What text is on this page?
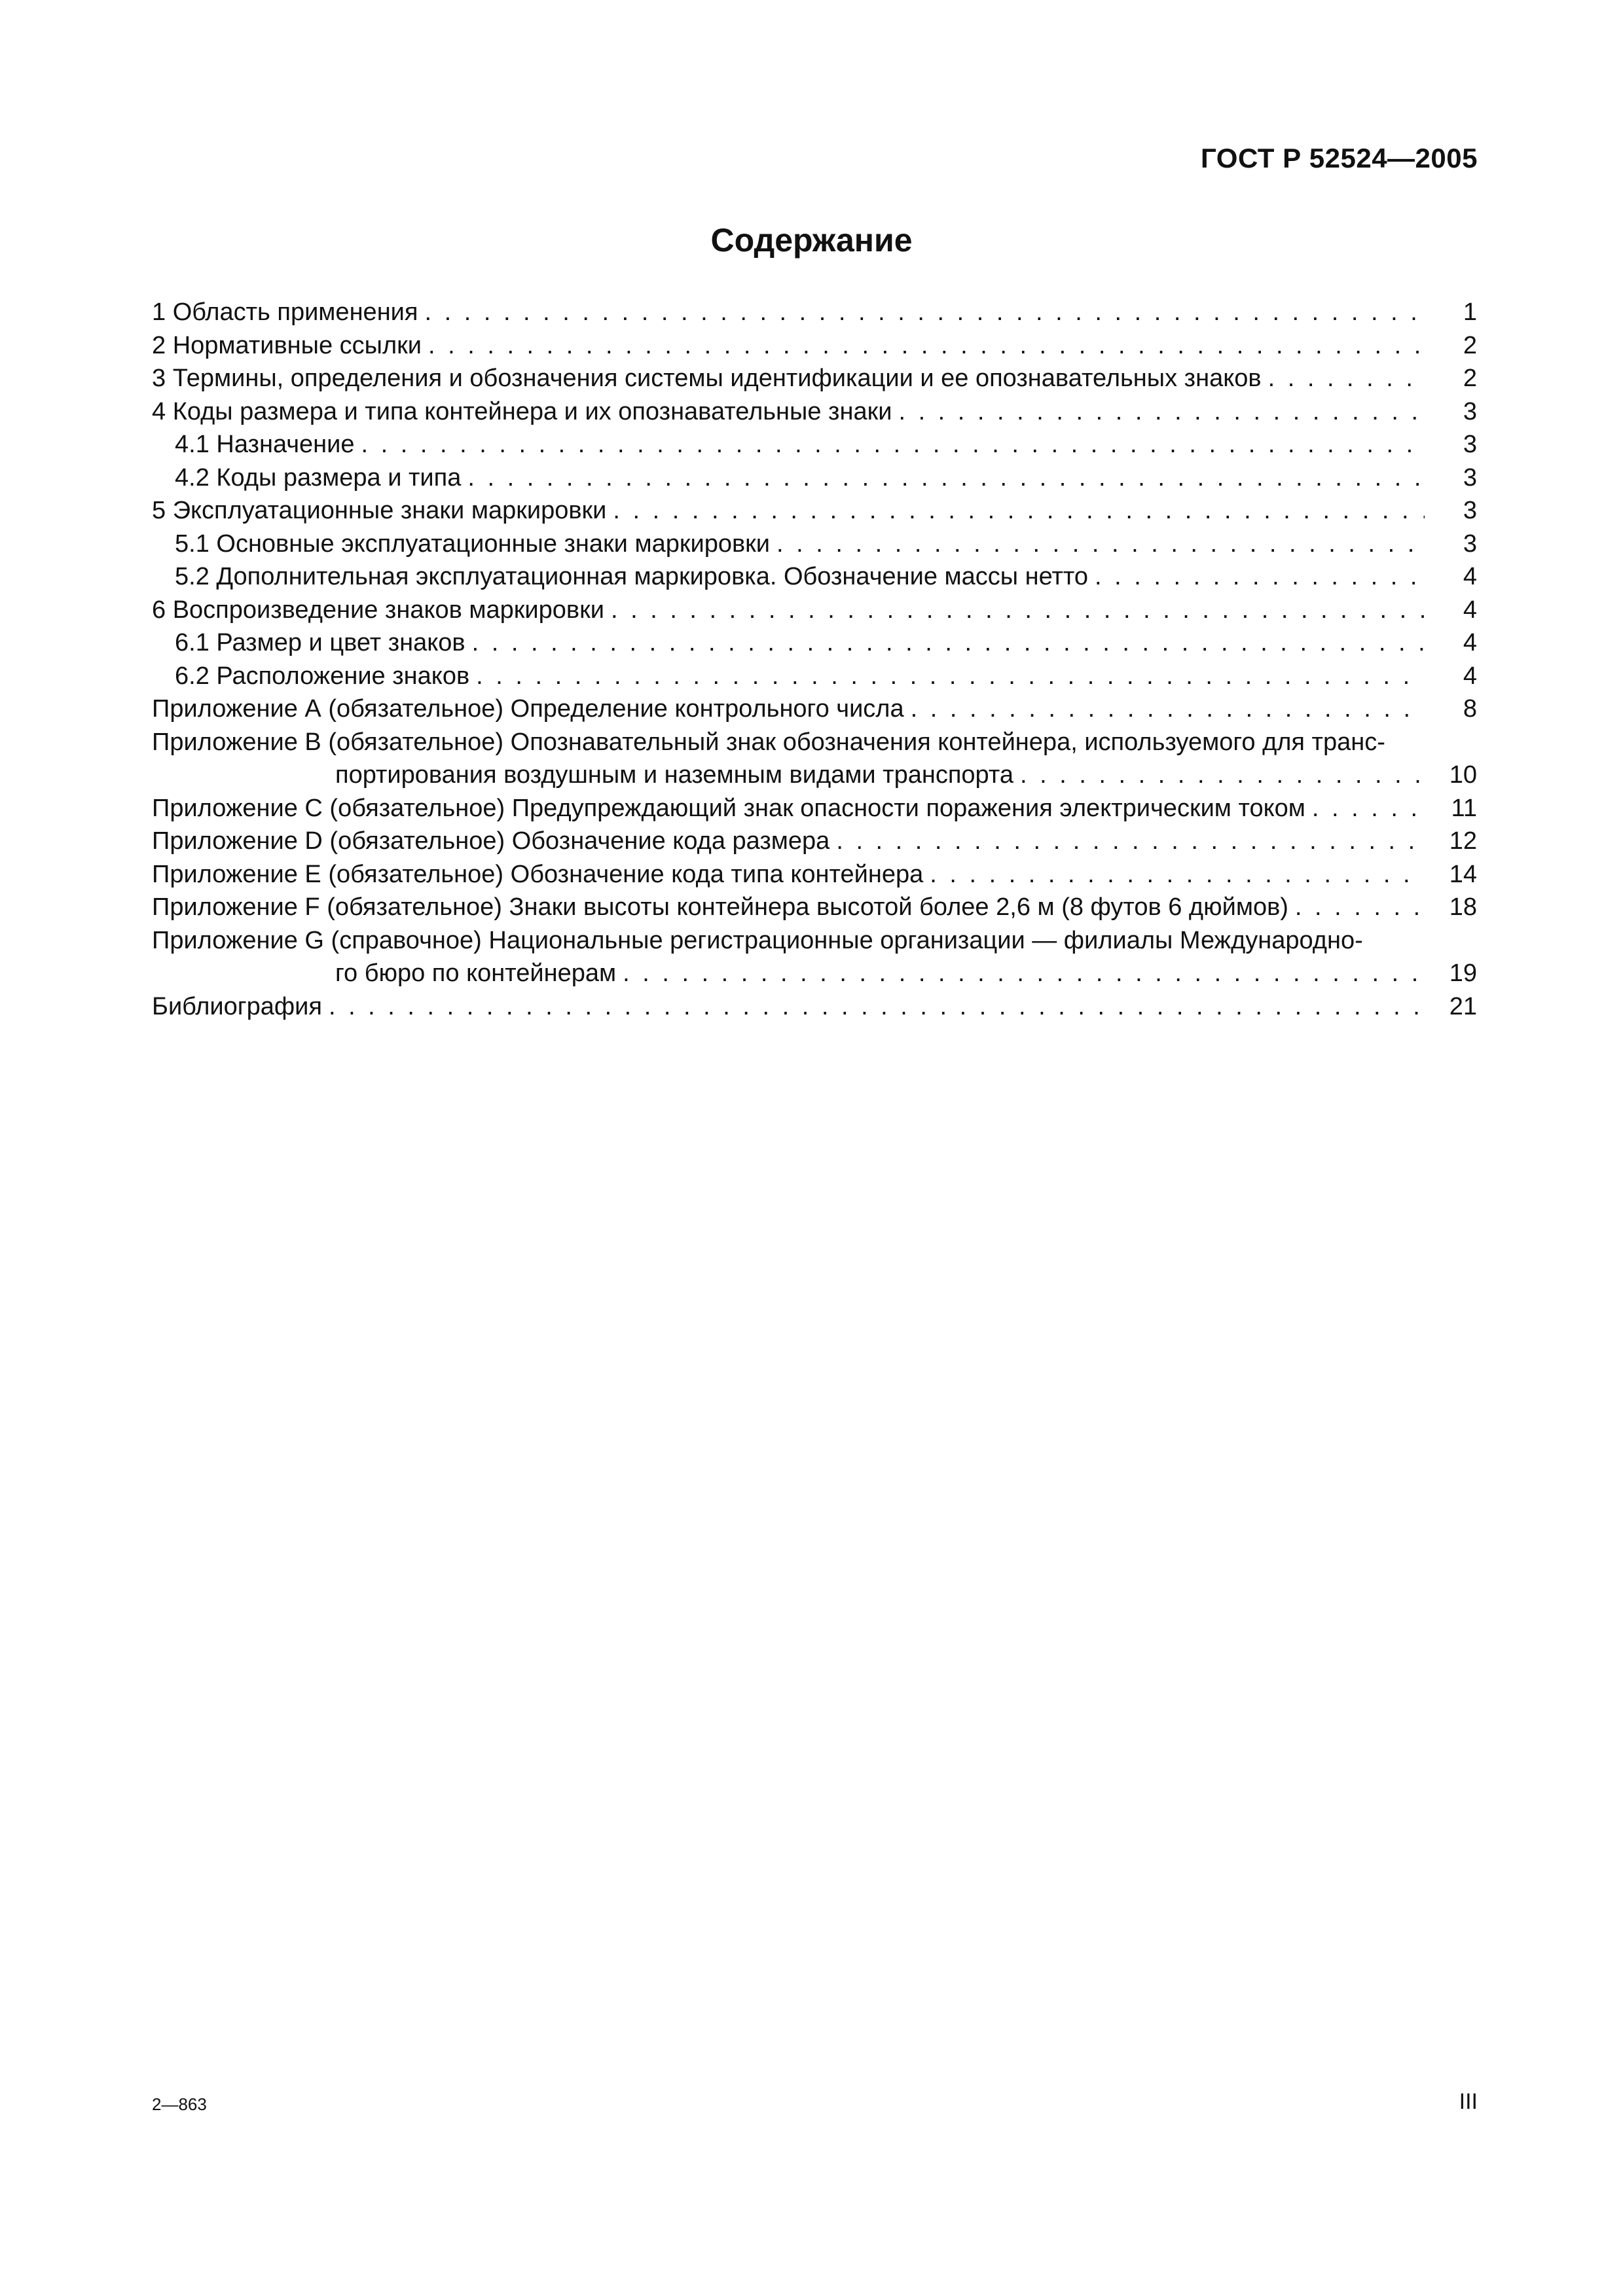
ГОСТ Р 52524—2005
Содержание
1 Область применения . . .	1
2 Нормативные ссылки . . .	2
3 Термины, определения и обозначения системы идентификации и ее опознавательных знаков . . .	2
4 Коды размера и типа контейнера и их опознавательные знаки . . .	3
4.1 Назначение . . .	3
4.2 Коды размера и типа . . .	3
5 Эксплуатационные знаки маркировки . . .	3
5.1 Основные эксплуатационные знаки маркировки . . .	3
5.2 Дополнительная эксплуатационная маркировка. Обозначение массы нетто . . .	4
6 Воспроизведение знаков маркировки . . .	4
6.1 Размер и цвет знаков . . .	4
6.2 Расположение знаков . . .	4
Приложение А (обязательное) Определение контрольного числа . . .	8
Приложение В (обязательное) Опознавательный знак обозначения контейнера, используемого для транс-
портирования воздушным и наземным видами транспорта . . .	10
Приложение С (обязательное) Предупреждающий знак опасности поражения электрическим током . . .	11
Приложение D (обязательное) Обозначение кода размера . . .	12
Приложение Е (обязательное) Обозначение кода типа контейнера . . .	14
Приложение F (обязательное) Знаки высоты контейнера высотой более 2,6 м (8 футов 6 дюймов) . . .	18
Приложение G (справочное) Национальные регистрационные организации — филиалы Международно-
го бюро по контейнерам . . .	19
Библиография . . .	21
2—863	III
